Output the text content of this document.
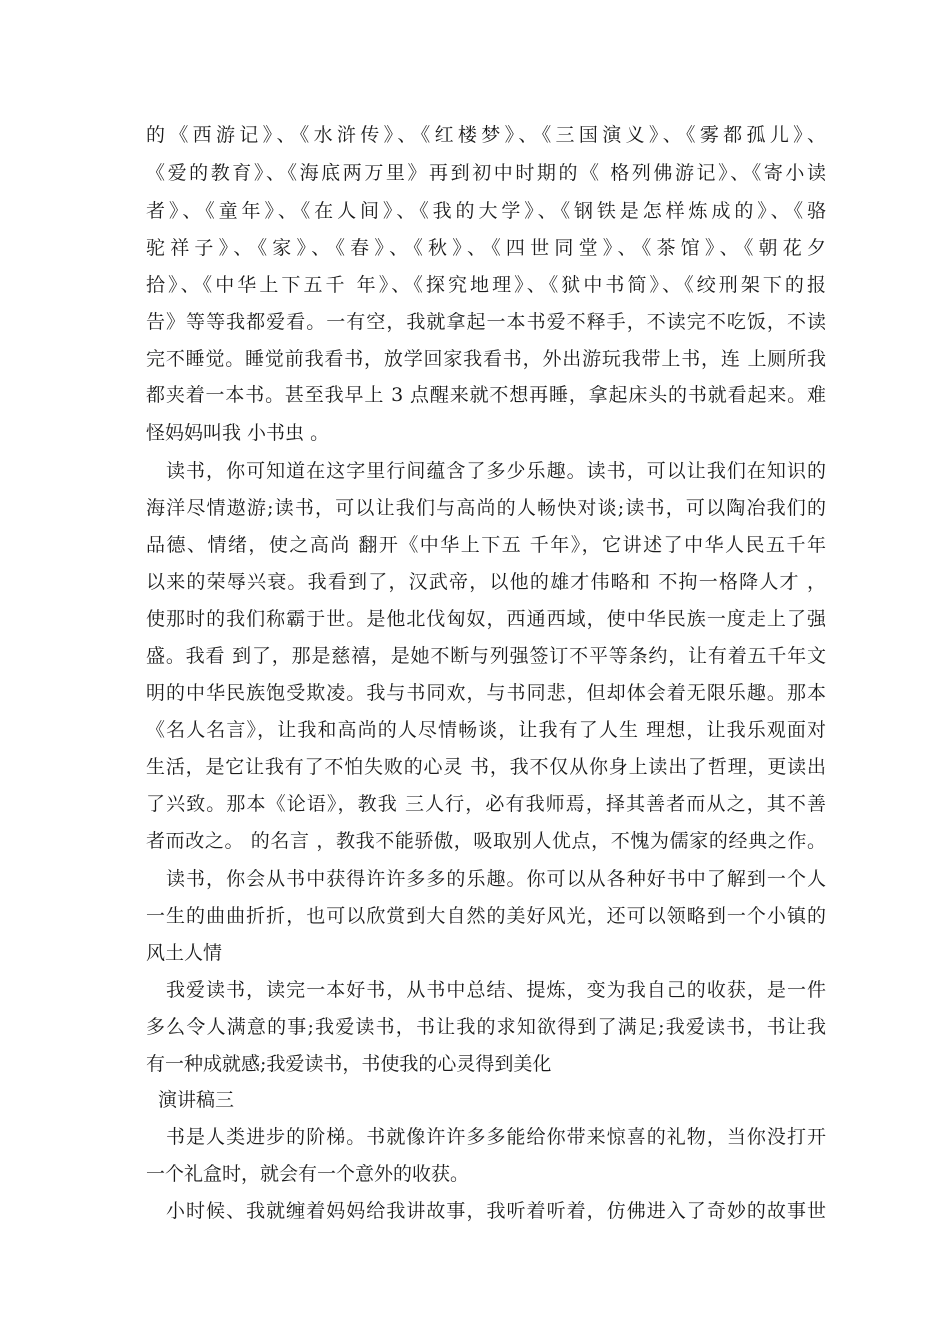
的《西游记》、《水浒传》、《红楼梦》、《三国演义》、《雾都孤儿》、
《爱的教育》、《海底两万里》再到初中时期的《 格列佛游记》、《寄小读
者》、《童年》、《在人间》、《我的大学》、《钢铁是怎样炼成的》、《骆
驼祥子》、《家》、《春》、《秋》、《四世同堂》、《茶馆》、《朝花夕
拾》、《中华上下五千 年》、《探究地理》、《狱中书简》、《绞刑架下的报
告》等等我都爱看。一有空，我就拿起一本书爱不释手，不读完不吃饭，不读
完不睡觉。睡觉前我看书，放学回家我看书，外出游玩我带上书，连 上厕所我
都夹着一本书。甚至我早上 3 点醒来就不想再睡，拿起床头的书就看起来。难
怪妈妈叫我 小书虫 。
读书，你可知道在这字里行间蕴含了多少乐趣。读书，可以让我们在知识的
海洋尽情遨游;读书，可以让我们与高尚的人畅快对谈;读书，可以陶冶我们的
品德、情绪，使之高尚 翻开《中华上下五 千年》，它讲述了中华人民五千年
以来的荣辱兴衰。我看到了，汉武帝，以他的雄才伟略和 不拘一格降人才 ，
使那时的我们称霸于世。是他北伐匈奴，西通西域，使中华民族一度走上了强
盛。我看 到了，那是慈禧，是她不断与列强签订不平等条约，让有着五千年文
明的中华民族饱受欺凌。我与书同欢，与书同悲，但却体会着无限乐趣。那本
《名人名言》，让我和高尚的人尽情畅谈，让我有了人生 理想，让我乐观面对
生活，是它让我有了不怕失败的心灵 书，我不仅从你身上读出了哲理，更读出
了兴致。那本《论语》，教我 三人行，必有我师焉，择其善者而从之，其不善
者而改之。 的名言 ，教我不能骄傲，吸取别人优点，不愧为儒家的经典之作。
读书，你会从书中获得许许多多的乐趣。你可以从各种好书中了解到一个人
一生的曲曲折折，也可以欣赏到大自然的美好风光，还可以领略到一个小镇的
风土人情
我爱读书，读完一本好书，从书中总结、提炼，变为我自己的收获，是一件
多么令人满意的事;我爱读书，书让我的求知欲得到了满足;我爱读书，书让我
有一种成就感;我爱读书，书使我的心灵得到美化
演讲稿三
书是人类进步的阶梯。书就像许许多多能给你带来惊喜的礼物，当你没打开
一个礼盒时，就会有一个意外的收获。
小时候、我就缠着妈妈给我讲故事，我听着听着，仿佛进入了奇妙的故事世
